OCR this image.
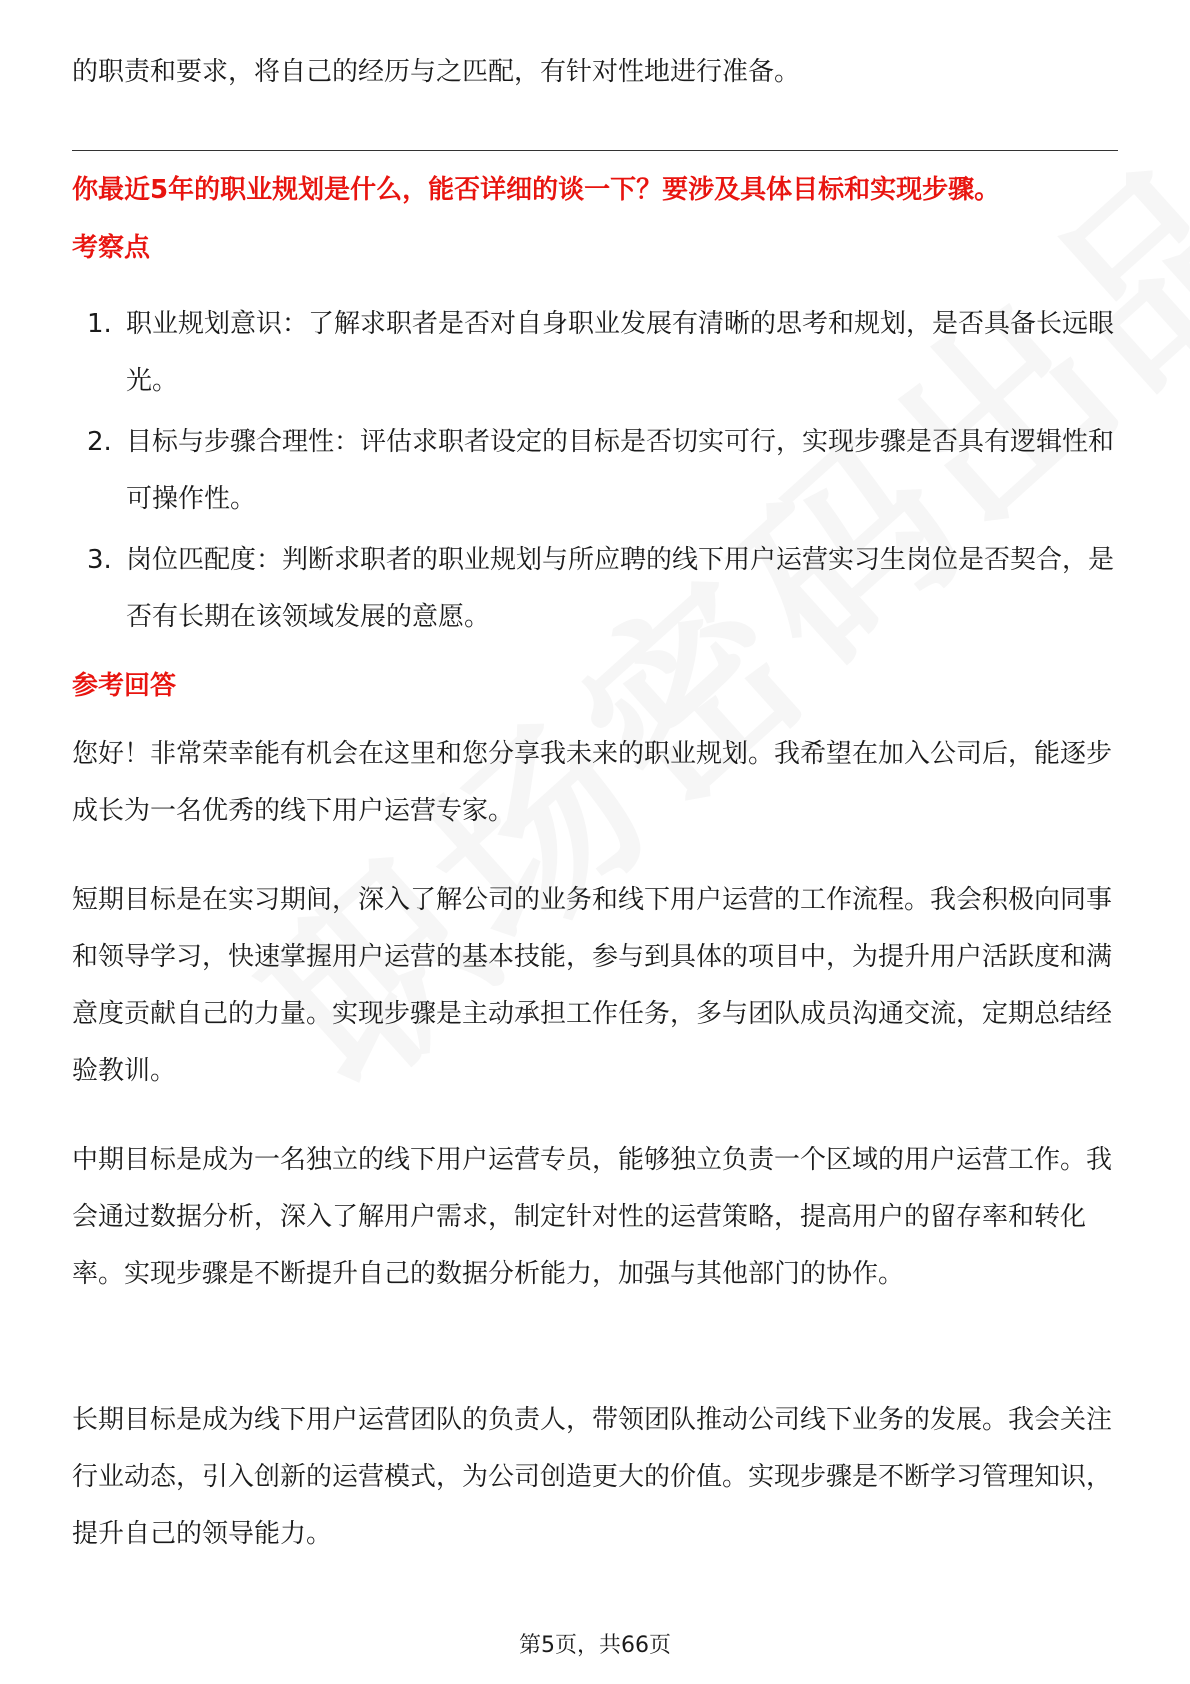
的职责和要求，将自己的经历与之匹配，有针对性地进行准备。

你最近5年的职业规划是什么，能否详细的谈一下？要涉及具体目标和实现步骤。

考察点

1. 职业规划意识：了解求职者是否对自身职业发展有清晰的思考和规划，是否具备长远眼光。
2. 目标与步骤合理性：评估求职者设定的目标是否切实可行，实现步骤是否具有逻辑性和可操作性。
3. 岗位匹配度：判断求职者的职业规划与所应聘的线下用户运营实习生岗位是否契合，是否有长期在该领域发展的意愿。

参考回答

您好！非常荣幸能有机会在这里和您分享我未来的职业规划。我希望在加入公司后，能逐步成长为一名优秀的线下用户运营专家。

短期目标是在实习期间，深入了解公司的业务和线下用户运营的工作流程。我会积极向同事和领导学习，快速掌握用户运营的基本技能，参与到具体的项目中，为提升用户活跃度和满意度贡献自己的力量。实现步骤是主动承担工作任务，多与团队成员沟通交流，定期总结经验教训。

中期目标是成为一名独立的线下用户运营专员，能够独立负责一个区域的用户运营工作。我会通过数据分析，深入了解用户需求，制定针对性的运营策略，提高用户的留存率和转化率。实现步骤是不断提升自己的数据分析能力，加强与其他部门的协作。

长期目标是成为线下用户运营团队的负责人，带领团队推动公司线下业务的发展。我会关注行业动态，引入创新的运营模式，为公司创造更大的价值。实现步骤是不断学习管理知识，提升自己的领导能力。

第5页，共66页
